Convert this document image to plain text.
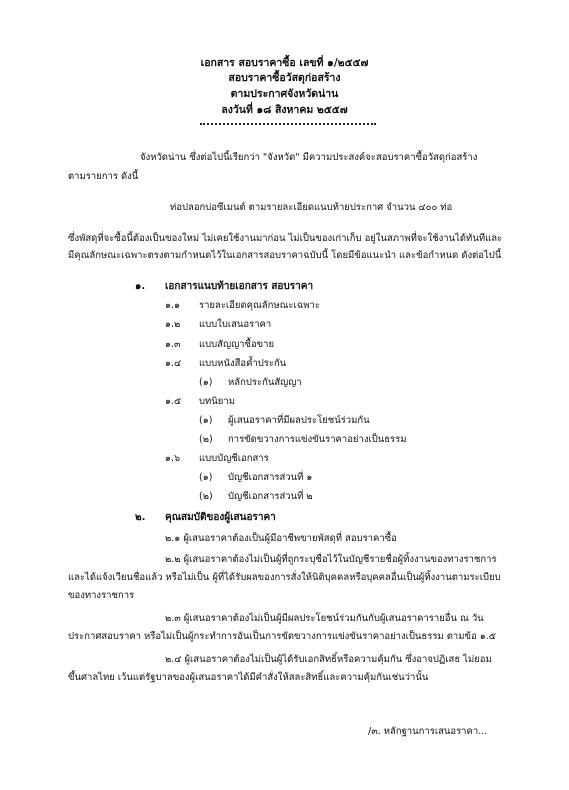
เอกสาร สอบราคาซื้อ เลขที่ ๑/๒๕๕๗
สอบราคาซื้อวัสดุก่อสร้าง
ตามประกาศจังหวัดน่าน
ลงวันที่ ๑๘ สิงหาคม ๒๕๕๗
จังหวัดน่าน ซึ่งต่อไปนี้เรียกว่า "จังหวัด" มีความประสงค์จะสอบราคาซื้อวัสดุก่อสร้าง
ตามรายการ ดังนี้
ท่อปลอกบ่อซีเมนต์ ตามรายละเอียดแนบท้ายประกาศ จำนวน ๔๐๐ ท่อ
ซึ่งพัสดุที่จะซื้อนี้ต้องเป็นของใหม่ ไม่เคยใช้งานมาก่อน ไม่เป็นของเก่าเก็บ อยู่ในสภาพที่จะใช้งานได้ทันทีและ
มีคุณลักษณะเฉพาะตรงตามกำหนดไว้ในเอกสารสอบราคาฉบับนี้ โดยมีข้อแนะนำ และข้อกำหนด ดังต่อไปนี้
๑. เอกสารแนบท้ายเอกสาร สอบราคา
๑.๑ รายละเอียดคุณลักษณะเฉพาะ
๑.๒ แบบใบเสนอราคา
๑.๓ แบบสัญญาซื้อขาย
๑.๔ แบบหนังสือค้ำประกัน
(๑) หลักประกันสัญญา
๑.๕ บทนิยาม
(๑) ผู้เสนอราคาที่มีผลประโยชน์ร่วมกัน
(๒) การขัดขวางการแข่งขันราคาอย่างเป็นธรรม
๑.๖ แบบบัญชีเอกสาร
(๑) บัญชีเอกสารส่วนที่ ๑
(๒) บัญชีเอกสารส่วนที่ ๒
๒. คุณสมบัติของผู้เสนอราคา
๒.๑ ผู้เสนอราคาต้องเป็นผู้มีอาชีพขายพัสดุที่ สอบราคาซื้อ
๒.๒ ผู้เสนอราคาต้องไม่เป็นผู้ที่ถูกระบุชื่อไว้ในบัญชีรายชื่อผู้ทิ้งงานของทางราชการ
และได้แจ้งเวียนชื่อแล้ว หรือไม่เป็น ผู้ที่ได้รับผลของการสั่งให้นิติบุคคลหรือบุคคลอื่นเป็นผู้ทิ้งงานตามระเบียบ
ของทางราชการ
๒.๓ ผู้เสนอราคาต้องไม่เป็นผู้มีผลประโยชน์ร่วมกันกับผู้เสนอราคารายอื่น ณ วัน
ประกาศสอบราคา หรือไม่เป็นผู้กระทำการอันเป็นการขัดขวางการแข่งขันราคาอย่างเป็นธรรม ตามข้อ ๑.๕
๒.๔ ผู้เสนอราคาต้องไม่เป็นผู้ได้รับเอกสิทธิ์หรือความคุ้มกัน ซึ่งอาจปฏิเสธ ไม่ยอม
ขึ้นศาลไทย เว้นแต่รัฐบาลของผู้เสนอราคาได้มีคำสั่งให้สละสิทธิ์และความคุ้มกันเช่นว่านั้น
/๓. หลักฐานการเสนอราคา...
